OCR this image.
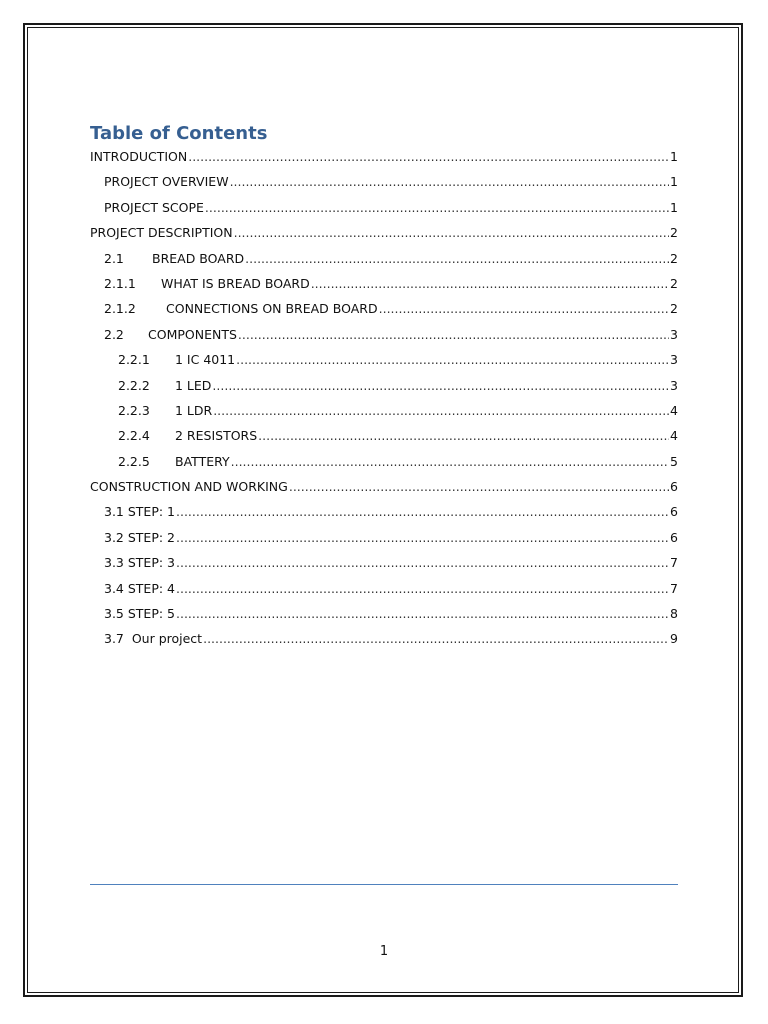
Table of Contents
INTRODUCTION .....	1
PROJECT OVERVIEW .....	1
PROJECT SCOPE .....	1
PROJECT DESCRIPTION .....	2
2.1	BREAD BOARD .....	2
2.1.1	WHAT IS BREAD BOARD .....	2
2.1.2	CONNECTIONS ON BREAD BOARD .....	2
2.2	COMPONENTS .....	3
2.2.1	1 IC 4011 .....	3
2.2.2	1 LED .....	3
2.2.3	1 LDR .....	4
2.2.4	2 RESISTORS .....	4
2.2.5	BATTERY .....	5
CONSTRUCTION AND WORKING .....	6
3.1 STEP: 1 .....	6
3.2 STEP: 2 .....	6
3.3 STEP: 3 .....	7
3.4 STEP: 4 .....	7
3.5 STEP: 5 .....	8
3.7  Our project .....	9
1
